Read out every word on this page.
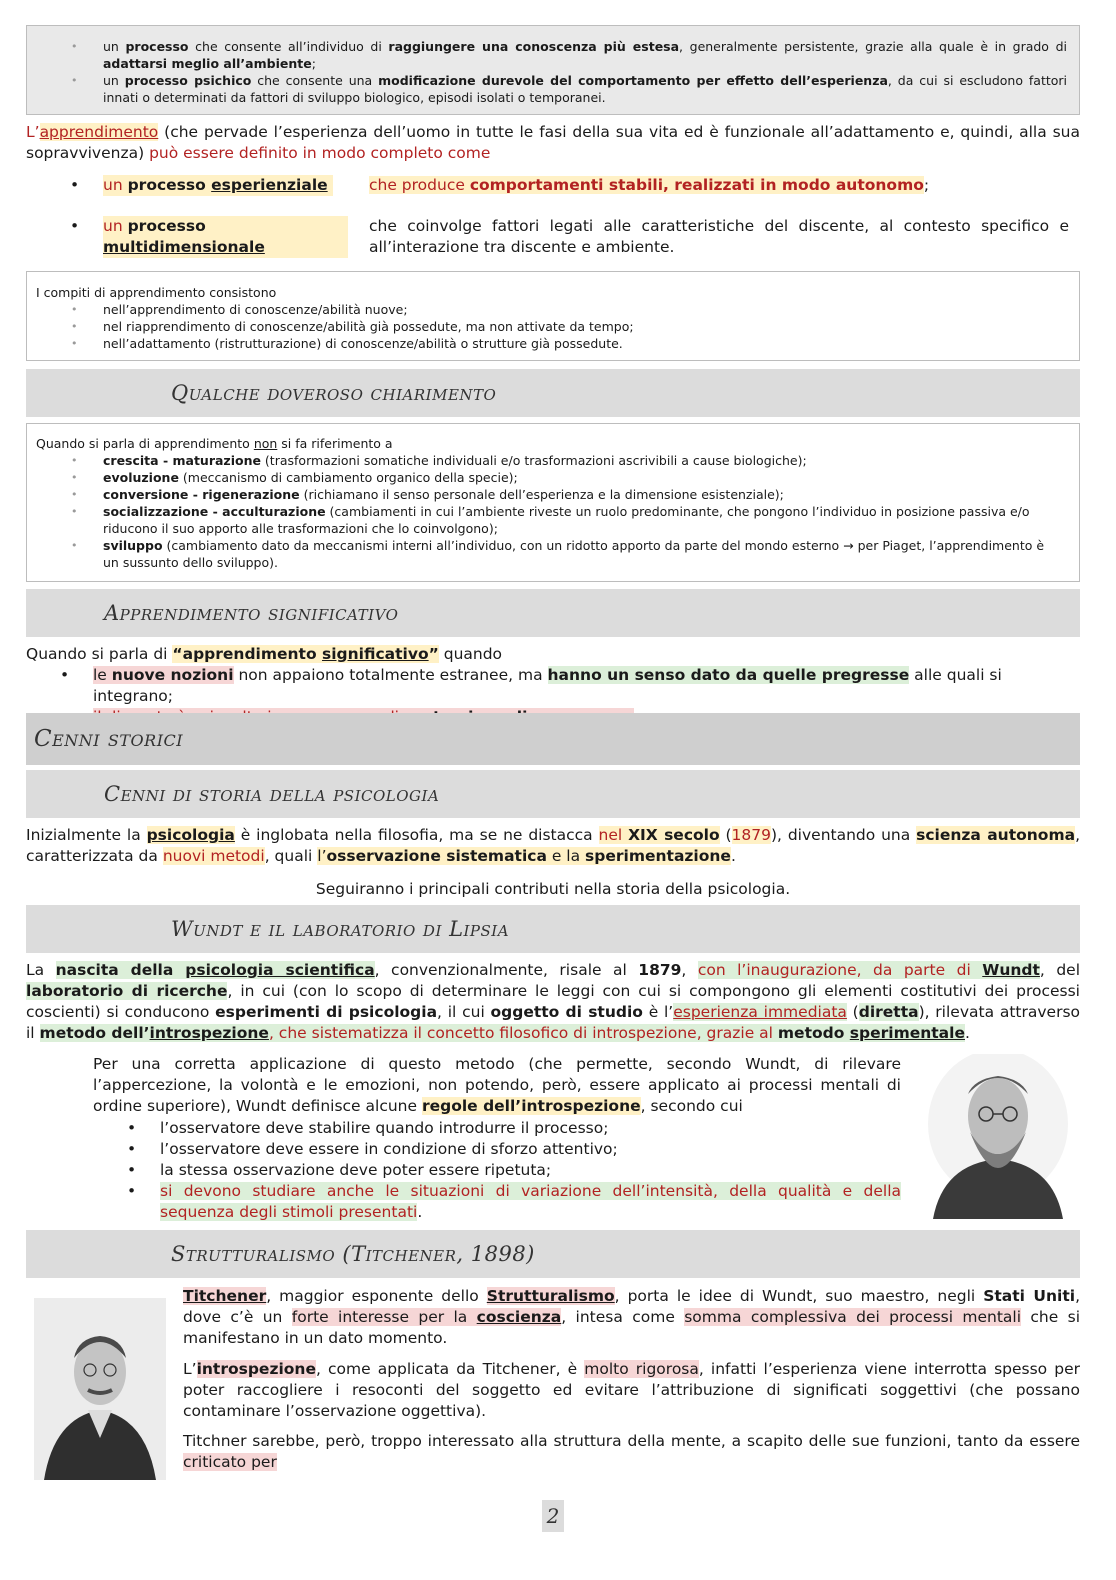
• un processo che consente all’individuo di raggiungere una conoscenza più estesa, generalmente persistente, grazie alla quale è in grado di adattarsi meglio all’ambiente;
• un processo psichico che consente una modificazione durevole del comportamento per effetto dell’esperienza, da cui si escludono fattori innati o determinati da fattori di sviluppo biologico, episodi isolati o temporanei.
L’apprendimento (che pervade l’esperienza dell’uomo in tutte le fasi della sua vita ed è funzionale all’adattamento e, quindi, alla sua sopravvivenza) può essere definito in modo completo come
• un processo esperienziale	che produce comportamenti stabili, realizzati in modo autonomo;
• un processo multidimensionale
che coinvolge fattori legati alle caratteristiche del discente, al contesto specifico e all’interazione tra discente e ambiente.
I compiti di apprendimento consistono
• nell’apprendimento di conoscenze/abilità nuove;
• nel riapprendimento di conoscenze/abilità già possedute, ma non attivate da tempo;
• nell’adattamento (ristrutturazione) di conoscenze/abilità o strutture già possedute.
Qualche doveroso chiarimento
Quando si parla di apprendimento non si fa riferimento a
• crescita - maturazione (trasformazioni somatiche individuali e/o trasformazioni ascrivibili a cause biologiche);
• evoluzione (meccanismo di cambiamento organico della specie);
• conversione - rigenerazione (richiamano il senso personale dell’esperienza e la dimensione esistenziale);
• socializzazione - acculturazione (cambiamenti in cui l’ambiente riveste un ruolo predominante, che pongono l’individuo in posizione passiva e/o riducono il suo apporto alle trasformazioni che lo coinvolgono);
• sviluppo (cambiamento dato da meccanismi interni all’individuo, con un ridotto apporto da parte del mondo esterno → per Piaget, l’apprendimento è un sussunto dello sviluppo).
Apprendimento significativo
Quando si parla di “apprendimento significativo” quando
• le nuove nozioni non appaiono totalmente estranee, ma hanno un senso dato da quelle pregresse alle quali si integrano;
Cenni storici
Cenni di storia della psicologia
Inizialmente la psicologia è inglobata nella filosofia, ma se ne distacca nel XIX secolo (1879), diventando una scienza autonoma, caratterizzata da nuovi metodi, quali l’osservazione sistematica e la sperimentazione.
Seguiranno i principali contributi nella storia della psicologia.
Wundt e il laboratorio di Lipsia
La nascita della psicologia scientifica, convenzionalmente, risale al 1879, con l’inaugurazione, da parte di Wundt, del laboratorio di ricerche, in cui (con lo scopo di determinare le leggi con cui si compongono gli elementi costitutivi dei processi coscienti) si conducono esperimenti di psicologia, il cui oggetto di studio è l’esperienza immediata (diretta), rilevata attraverso il metodo dell’introspezione, che sistematizza il concetto filosofico di introspezione, grazie al metodo sperimentale.
Per una corretta applicazione di questo metodo (che permette, secondo Wundt, di rilevare l’appercezione, la volontà e le emozioni, non potendo, però, essere applicato ai processi mentali di ordine superiore), Wundt definisce alcune regole dell’introspezione, secondo cui
• l’osservatore deve stabilire quando introdurre il processo;
• l’osservatore deve essere in condizione di sforzo attentivo;
• la stessa osservazione deve poter essere ripetuta;
• si devono studiare anche le situazioni di variazione dell’intensità, della qualità e della sequenza degli stimoli presentati.
Strutturalismo (Titchener, 1898)
Titchener, maggior esponente dello Strutturalismo, porta le idee di Wundt, suo maestro, negli Stati Uniti, dove c’è un forte interesse per la coscienza, intesa come somma complessiva dei processi mentali che si manifestano in un dato momento.
L’introspezione, come applicata da Titchener, è molto rigorosa, infatti l’esperienza viene interrotta spesso per poter raccogliere i resoconti del soggetto ed evitare l’attribuzione di significati soggettivi (che possano contaminare l’osservazione oggettiva).
Titchner sarebbe, però, troppo interessato alla struttura della mente, a scapito delle sue funzioni, tanto da essere criticato per
2
